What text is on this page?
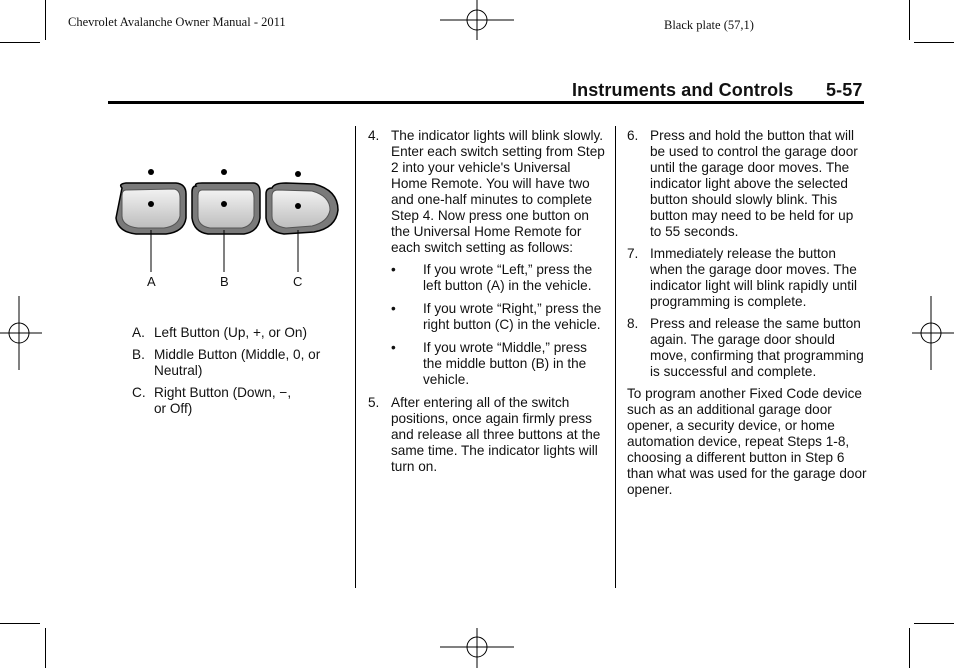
Chevrolet Avalanche Owner Manual - 2011	Black plate (57,1)
Instruments and Controls 5-57
A	B	C
A. Left Button (Up, +, or On)
B. Middle Button (Middle, 0, or Neutral)
C. Right Button (Down, −, or Off)
4. The indicator lights will blink slowly. Enter each switch setting from Step 2 into your vehicle's Universal Home Remote. You will have two and one-half minutes to complete Step 4. Now press one button on the Universal Home Remote for each switch setting as follows:
• If you wrote “Left,” press the left button (A) in the vehicle.
• If you wrote “Right,” press the right button (C) in the vehicle.
• If you wrote “Middle,” press the middle button (B) in the vehicle.
5. After entering all of the switch positions, once again firmly press and release all three buttons at the same time. The indicator lights will turn on.
6. Press and hold the button that will be used to control the garage door until the garage door moves. The indicator light above the selected button should slowly blink. This button may need to be held for up to 55 seconds.
7. Immediately release the button when the garage door moves. The indicator light will blink rapidly until programming is complete.
8. Press and release the same button again. The garage door should move, confirming that programming is successful and complete.
To program another Fixed Code device such as an additional garage door opener, a security device, or home automation device, repeat Steps 1-8, choosing a different button in Step 6 than what was used for the garage door opener.
